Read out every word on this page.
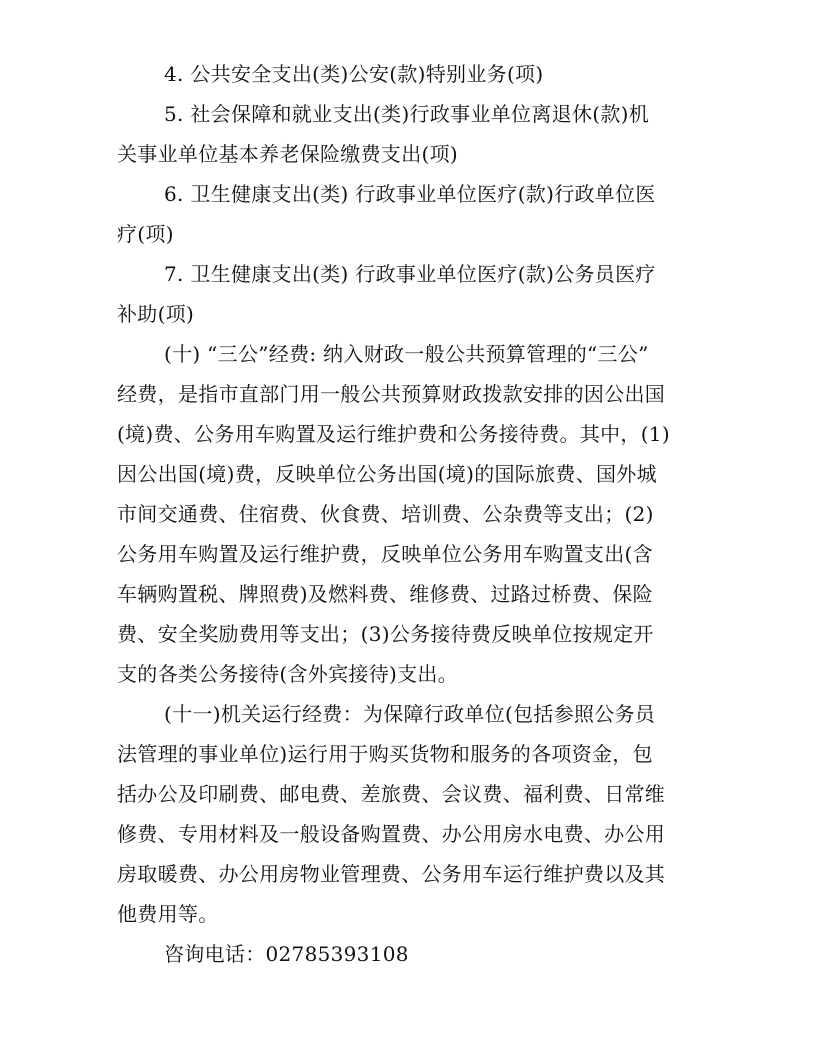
4. 公共安全支出(类)公安(款)特别业务(项)
5. 社会保障和就业支出(类)行政事业单位离退休(款)机
关事业单位基本养老保险缴费支出(项)
6. 卫生健康支出(类) 行政事业单位医疗(款)行政单位医
疗(项)
7. 卫生健康支出(类) 行政事业单位医疗(款)公务员医疗
补助(项)
(十) “三公”经费: 纳入财政一般公共预算管理的“三公”
经费，是指市直部门用一般公共预算财政拨款安排的因公出国
(境)费、公务用车购置及运行维护费和公务接待费。其中，(1)
因公出国(境)费，反映单位公务出国(境)的国际旅费、国外城
市间交通费、住宿费、伙食费、培训费、公杂费等支出；(2)
公务用车购置及运行维护费，反映单位公务用车购置支出(含
车辆购置税、牌照费)及燃料费、维修费、过路过桥费、保险
费、安全奖励费用等支出；(3)公务接待费反映单位按规定开
支的各类公务接待(含外宾接待)支出。
(十一)机关运行经费：为保障行政单位(包括参照公务员
法管理的事业单位)运行用于购买货物和服务的各项资金，包
括办公及印刷费、邮电费、差旅费、会议费、福利费、日常维
修费、专用材料及一般设备购置费、办公用房水电费、办公用
房取暖费、办公用房物业管理费、公务用车运行维护费以及其
他费用等。
咨询电话：02785393108
